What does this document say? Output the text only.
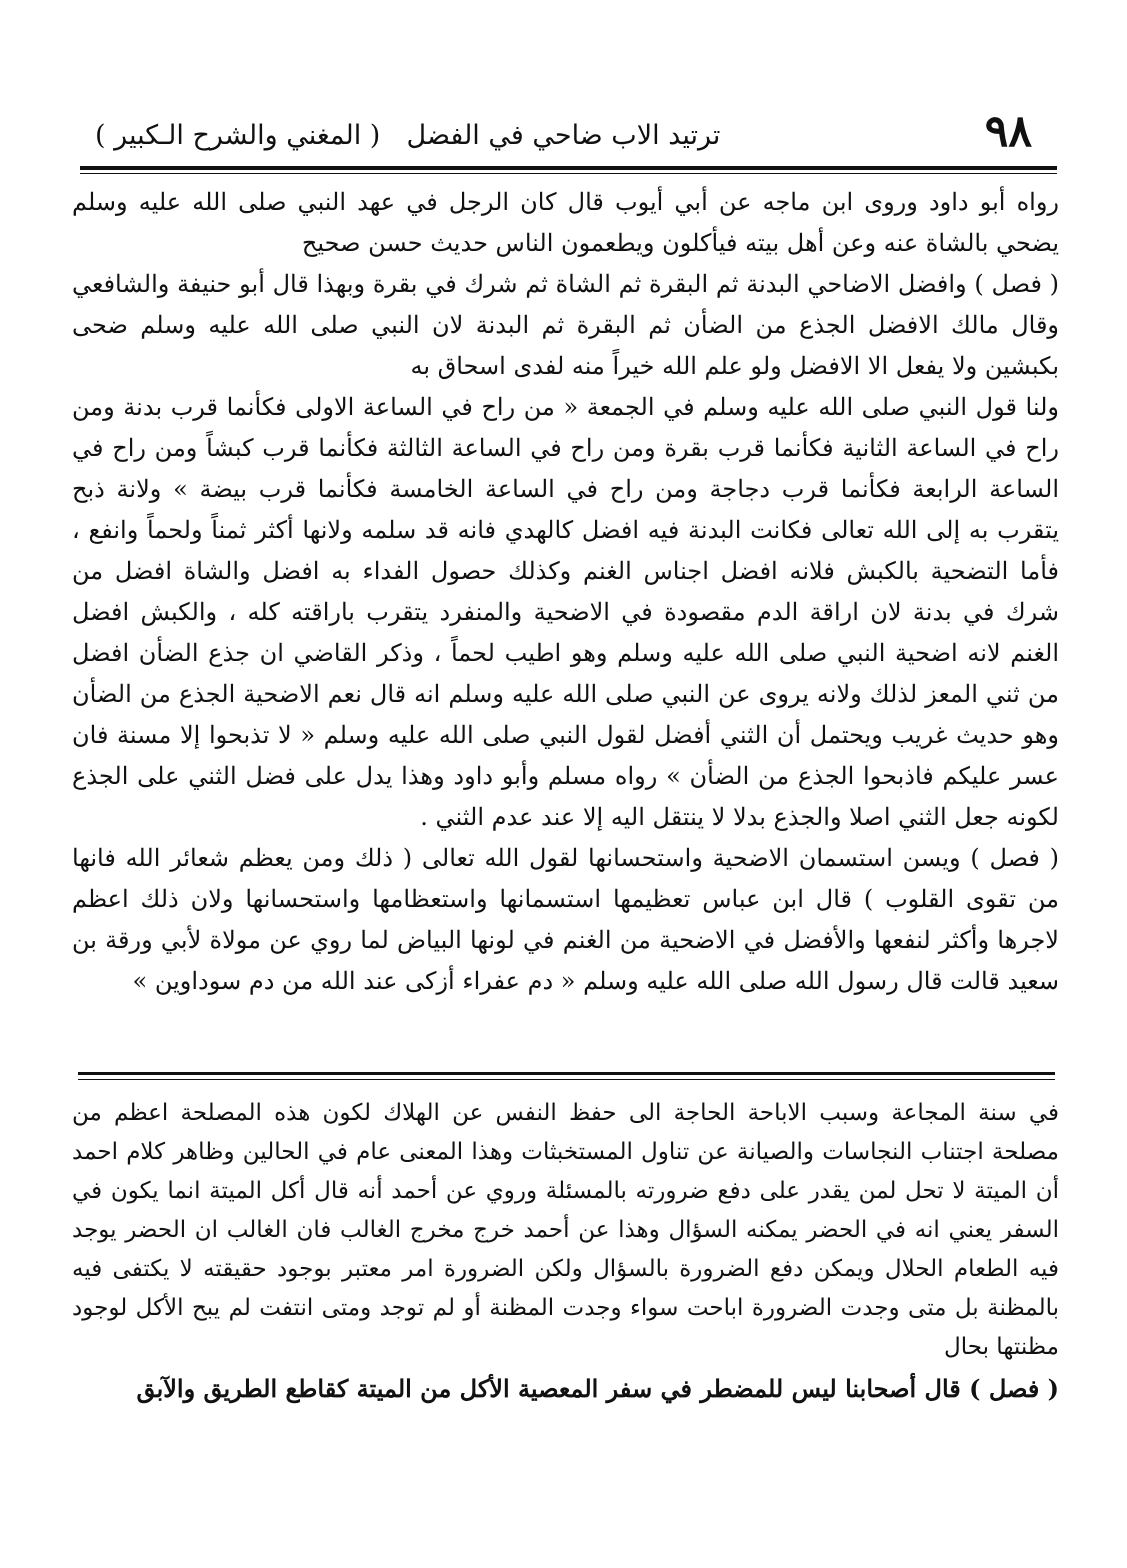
٩٨
ترتيد الاب ضاحي في الفضل
( المغني والشرح الـكبير )

رواه أبو داود وروى ابن ماجه عن أبي أيوب قال كان الرجل في عهد النبي صلى الله عليه وسلم يضحي بالشاة عنه وعن أهل بيته فيأكلون ويطعمون الناس حديث حسن صحيح

( فصل ) وافضل الاضاحي البدنة ثم البقرة ثم الشاة ثم شرك في بقرة وبهذا قال أبو حنيفة والشافعي وقال مالك الافضل الجذع من الضأن ثم البقرة ثم البدنة لان النبي صلى الله عليه وسلم ضحى بكبشين ولا يفعل الا الافضل ولو علم الله خيراً منه لفدى اسحاق به

ولنا قول النبي صلى الله عليه وسلم في الجمعة « من راح في الساعة الاولى فكأنما قرب بدنة ومن راح في الساعة الثانية فكأنما قرب بقرة ومن راح في الساعة الثالثة فكأنما قرب كبشاً ومن راح في الساعة الرابعة فكأنما قرب دجاجة ومن راح في الساعة الخامسة فكأنما قرب بيضة » ولانة ذبح يتقرب به إلى الله تعالى فكانت البدنة فيه افضل كالهدي فانه قد سلمه ولانها أكثر ثمناً ولحماً وانفع ، فأما التضحية بالكبش فلانه افضل اجناس الغنم وكذلك حصول الفداء به افضل والشاة افضل من شرك في بدنة لان اراقة الدم مقصودة في الاضحية والمنفرد يتقرب باراقته كله ، والكبش افضل الغنم لانه اضحية النبي صلى الله عليه وسلم وهو اطيب لحماً ، وذكر القاضي ان جذع الضأن افضل من ثني المعز لذلك ولانه يروى عن النبي صلى الله عليه وسلم انه قال نعم الاضحية الجذع من الضأن وهو حديث غريب ويحتمل أن الثني أفضل لقول النبي صلى الله عليه وسلم « لا تذبحوا إلا مسنة فان عسر عليكم فاذبحوا الجذع من الضأن » رواه مسلم وأبو داود وهذا يدل على فضل الثني على الجذع لكونه جعل الثني اصلا والجذع بدلا لا ينتقل اليه إلا عند عدم الثني .

( فصل ) ويسن استسمان الاضحية واستحسانها لقول الله تعالى ( ذلك ومن يعظم شعائر الله فانها من تقوى القلوب ) قال ابن عباس تعظيمها استسمانها واستعظامها واستحسانها ولان ذلك اعظم لاجرها وأكثر لنفعها والأفضل في الاضحية من الغنم في لونها البياض لما روي عن مولاة لأبي ورقة بن سعيد قالت قال رسول الله صلى الله عليه وسلم « دم عفراء أزكى عند الله من دم سوداوين »

في سنة المجاعة وسبب الاباحة الحاجة الى حفظ النفس عن الهلاك لكون هذه المصلحة اعظم من مصلحة اجتناب النجاسات والصيانة عن تناول المستخبثات وهذا المعنى عام في الحالين وظاهر كلام احمد أن الميتة لا تحل لمن يقدر على دفع ضرورته بالمسئلة وروي عن أحمد أنه قال أكل الميتة انما يكون في السفر يعني انه في الحضر يمكنه السؤال وهذا عن أحمد خرج مخرج الغالب فان الغالب ان الحضر يوجد فيه الطعام الحلال ويمكن دفع الضرورة بالسؤال ولكن الضرورة امر معتبر بوجود حقيقته لا يكتفى فيه بالمظنة بل متى وجدت الضرورة اباحت سواء وجدت المظنة أو لم توجد ومتى انتفت لم يبح الأكل لوجود مظنتها بحال

( فصل ) قال أصحابنا ليس للمضطر في سفر المعصية الأكل من الميتة كقاطع الطريق والآبق
